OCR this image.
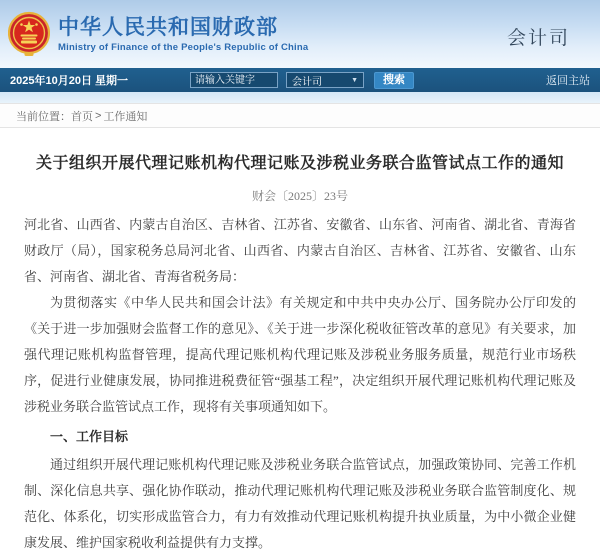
中华人民共和国财政部
Ministry of Finance of the People's Republic of China	会计司
2025年10月20日 星期一
请输入关键字	会计司	▼	搜索	返回主站
当前位置： 首页 > 工作通知
关于组织开展代理记账机构代理记账及涉税业务联合监管试点工作的通知
财会〔2025〕23号

河北省、山西省、内蒙古自治区、吉林省、江苏省、安徽省、山东省、河南省、湖北省、青海省财政厅（局），国家税务总局河北省、山西省、内蒙古自治区、吉林省、江苏省、安徽省、山东省、河南省、湖北省、青海省税务局：

为贯彻落实《中华人民共和国会计法》有关规定和中共中央办公厅、国务院办公厅印发的《关于进一步加强财会监督工作的意见》、《关于进一步深化税收征管改革的意见》有关要求，加强代理记账机构监督管理，提高代理记账机构代理记账及涉税业务服务质量，规范行业市场秩序，促进行业健康发展，协同推进税费征管“强基工程”，决定组织开展代理记账机构代理记账及涉税业务联合监管试点工作，现将有关事项通知如下。

一、工作目标

通过组织开展代理记账机构代理记账及涉税业务联合监管试点，加强政策协同、完善工作机制、深化信息共享、强化协作联动，推动代理记账机构代理记账及涉税业务联合监管制度化、规范化、体系化，切实形成监管合力，有力有效推动代理记账机构提升执业质量，为中小微企业健康发展、维护国家税收利益提供有力支撑。
